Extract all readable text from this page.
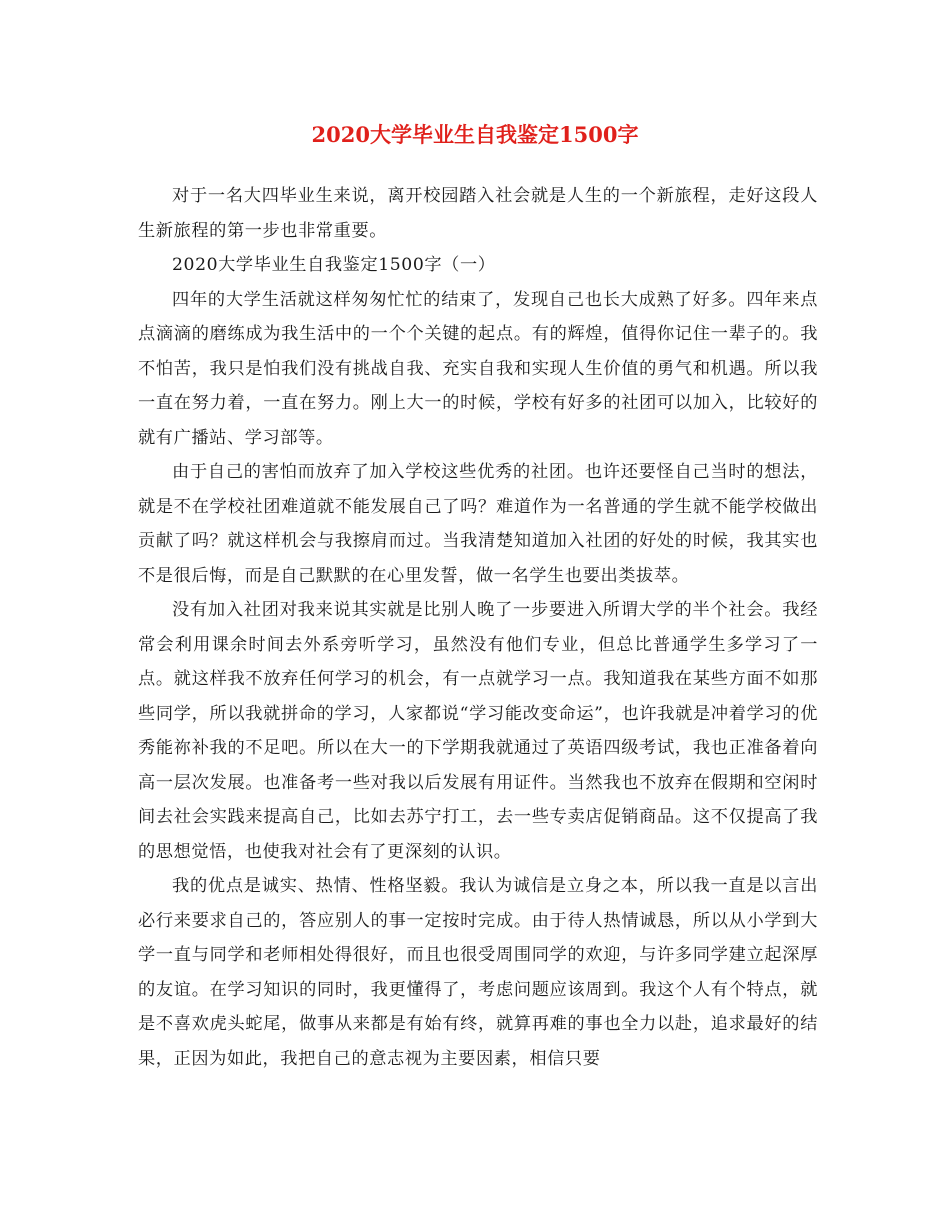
2020大学毕业生自我鉴定1500字

对于一名大四毕业生来说，离开校园踏入社会就是人生的一个新旅程，走好这段人生新旅程的第一步也非常重要。

2020大学毕业生自我鉴定1500字（一）

四年的大学生活就这样匆匆忙忙的结束了，发现自己也长大成熟了好多。四年来点点滴滴的磨练成为我生活中的一个个关键的起点。有的辉煌，值得你记住一辈子的。我不怕苦，我只是怕我们没有挑战自我、充实自我和实现人生价值的勇气和机遇。所以我一直在努力着，一直在努力。刚上大一的时候，学校有好多的社团可以加入，比较好的就有广播站、学习部等。

由于自己的害怕而放弃了加入学校这些优秀的社团。也许还要怪自己当时的想法，就是不在学校社团难道就不能发展自己了吗？难道作为一名普通的学生就不能学校做出贡献了吗？就这样机会与我擦肩而过。当我清楚知道加入社团的好处的时候，我其实也不是很后悔，而是自己默默的在心里发誓，做一名学生也要出类拔萃。

没有加入社团对我来说其实就是比别人晚了一步要进入所谓大学的半个社会。我经常会利用课余时间去外系旁听学习，虽然没有他们专业，但总比普通学生多学习了一点。就这样我不放弃任何学习的机会，有一点就学习一点。我知道我在某些方面不如那些同学，所以我就拼命的学习，人家都说“学习能改变命运”，也许我就是冲着学习的优秀能祢补我的不足吧。所以在大一的下学期我就通过了英语四级考试，我也正准备着向高一层次发展。也准备考一些对我以后发展有用证件。当然我也不放弃在假期和空闲时间去社会实践来提高自己，比如去苏宁打工，去一些专卖店促销商品。这不仅提高了我的思想觉悟，也使我对社会有了更深刻的认识。

我的优点是诚实、热情、性格坚毅。我认为诚信是立身之本，所以我一直是以言出必行来要求自己的，答应别人的事一定按时完成。由于待人热情诚恳，所以从小学到大学一直与同学和老师相处得很好，而且也很受周围同学的欢迎，与许多同学建立起深厚的友谊。在学习知识的同时，我更懂得了，考虑问题应该周到。我这个人有个特点，就是不喜欢虎头蛇尾，做事从来都是有始有终，就算再难的事也全力以赴，追求最好的结果，正因为如此，我把自己的意志视为主要因素，相信只要
